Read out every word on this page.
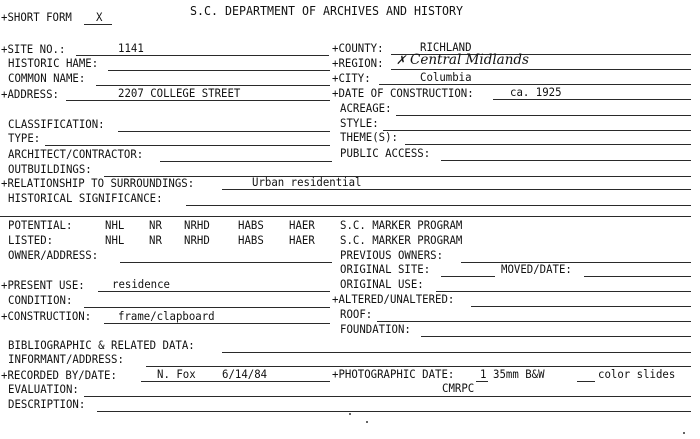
+SHORT FORM X	S.C. DEPARTMENT OF ARCHIVES AND HISTORY
+SITE NO.:	1141
HISTORIC HAME:
COMMON NAME:
+ADDRESS:	2207 COLLEGE STREET
+COUNTY:	RICHLAND
+REGION: ✗ Central Midlands
+CITY:	Columbia
+DATE OF CONSTRUCTION:	ca. 1925
ACREAGE:
CLASSIFICATION:	STYLE:
TYPE:	THEME(S):
ARCHITECT/CONTRACTOR:	PUBLIC ACCESS:
OUTBUILDINGS:
+RELATIONSHIP TO SURROUNDINGS:	Urban residential
HISTORICAL SIGNIFICANCE:
POTENTIAL:	NHL NR NRHD HABS HAER S.C. MARKER PROGRAM
LISTED:	NHL NR NRHD HABS HAER S.C. MARKER PROGRAM
OWNER/ADDRESS:	PREVIOUS OWNERS:
ORIGINAL SITE:	MOVED/DATE:
+PRESENT USE: residence	ORIGINAL USE:
CONDITION:	+ALTERED/UNALTERED:
+CONSTRUCTION: frame/clapboard	ROOF:
FOUNDATION:
BIBLIOGRAPHIC & RELATED DATA:
INFORMANT/ADDRESS:
+RECORDED BY/DATE:	N. Fox 6/14/84	+PHOTOGRAPHIC DATE: 1 35mm B&W	color slides
EVALUATION:	CMRPC
DESCRIPTION:
